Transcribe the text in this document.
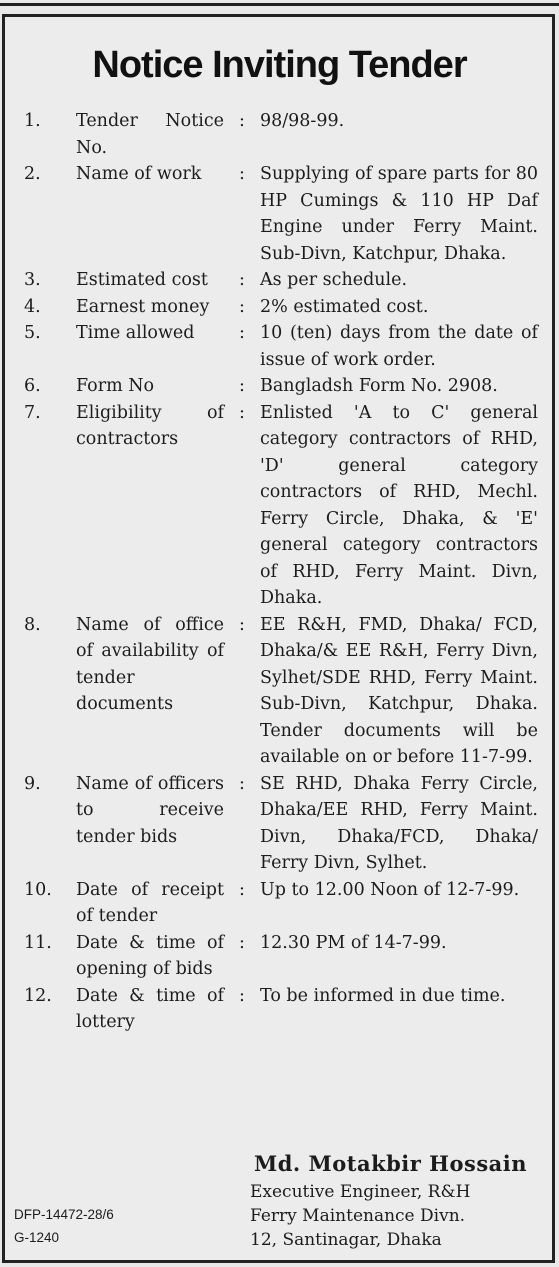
Notice Inviting Tender
1.	Tender Notice No.
: 98/98-99.
2.	Name of work	: Supplying of spare parts for 80 HP Cumings & 110 HP Daf Engine under Ferry Maint. Sub-Divn, Katchpur, Dhaka.
3.	Estimated cost	: As per schedule.
4.	Earnest money	: 2% estimated cost.
5.	Time allowed	: 10 (ten) days from the date of issue of work order.
6.	Form No	: Bangladsh Form No. 2908.
7.	Eligibility of contractors
: Enlisted 'A to C' general category contractors of RHD, 'D' general category contractors of RHD, Mechl. Ferry Circle, Dhaka, & 'E' general category contractors of RHD, Ferry Maint. Divn, Dhaka.
8.	Name of office of availability of tender documents
: EE R&H, FMD, Dhaka/ FCD, Dhaka/& EE R&H, Ferry Divn, Sylhet/SDE RHD, Ferry Maint. Sub-Divn, Katchpur, Dhaka. Tender documents will be available on or before 11-7-99.
9.	Name of officers to receive tender bids
: SE RHD, Dhaka Ferry Circle, Dhaka/EE RHD, Ferry Maint. Divn, Dhaka/FCD, Dhaka/ Ferry Divn, Sylhet.
10.	Date of receipt of tender
: Up to 12.00 Noon of 12-7-99.
11.	Date & time of opening of bids
: 12.30 PM of 14-7-99.
12.	Date & time of lottery
: To be informed in due time.
Md. Motakbir Hossain
Executive Engineer, R&H
Ferry Maintenance Divn.
12, Santinagar, Dhaka
DFP-14472-28/6
G-1240
